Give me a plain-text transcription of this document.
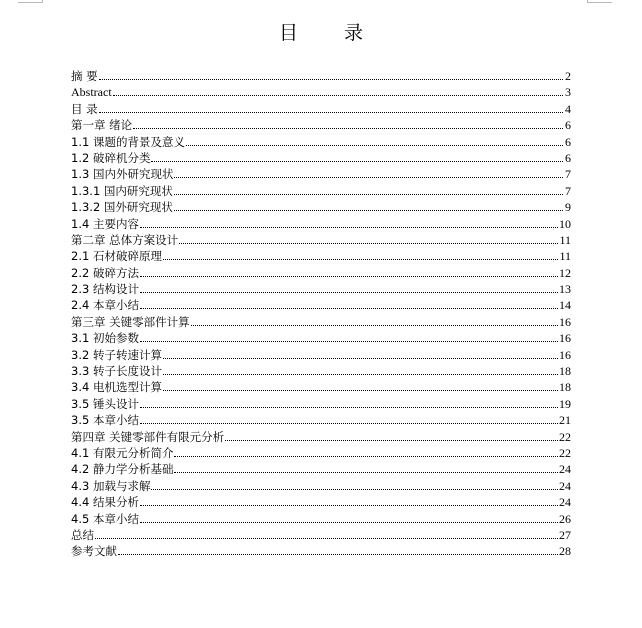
目 录
摘 要	2
Abstract	3
目 录	4
第一章 绪论	6
1.1 课题的背景及意义	6
1.2 破碎机分类	6
1.3 国内外研究现状	7
1.3.1 国内研究现状	7
1.3.2 国外研究现状	9
1.4 主要内容	10
第二章 总体方案设计	11
2.1 石材破碎原理	11
2.2 破碎方法	12
2.3 结构设计	13
2.4 本章小结	14
第三章 关键零部件计算	16
3.1 初始参数	16
3.2 转子转速计算	16
3.3 转子长度设计	18
3.4 电机选型计算	18
3.5 锤头设计	19
3.5 本章小结	21
第四章 关键零部件有限元分析	22
4.1 有限元分析简介	22
4.2 静力学分析基础	24
4.3 加载与求解	24
4.4 结果分析	24
4.5 本章小结	26
总结	27
参考文献	28
